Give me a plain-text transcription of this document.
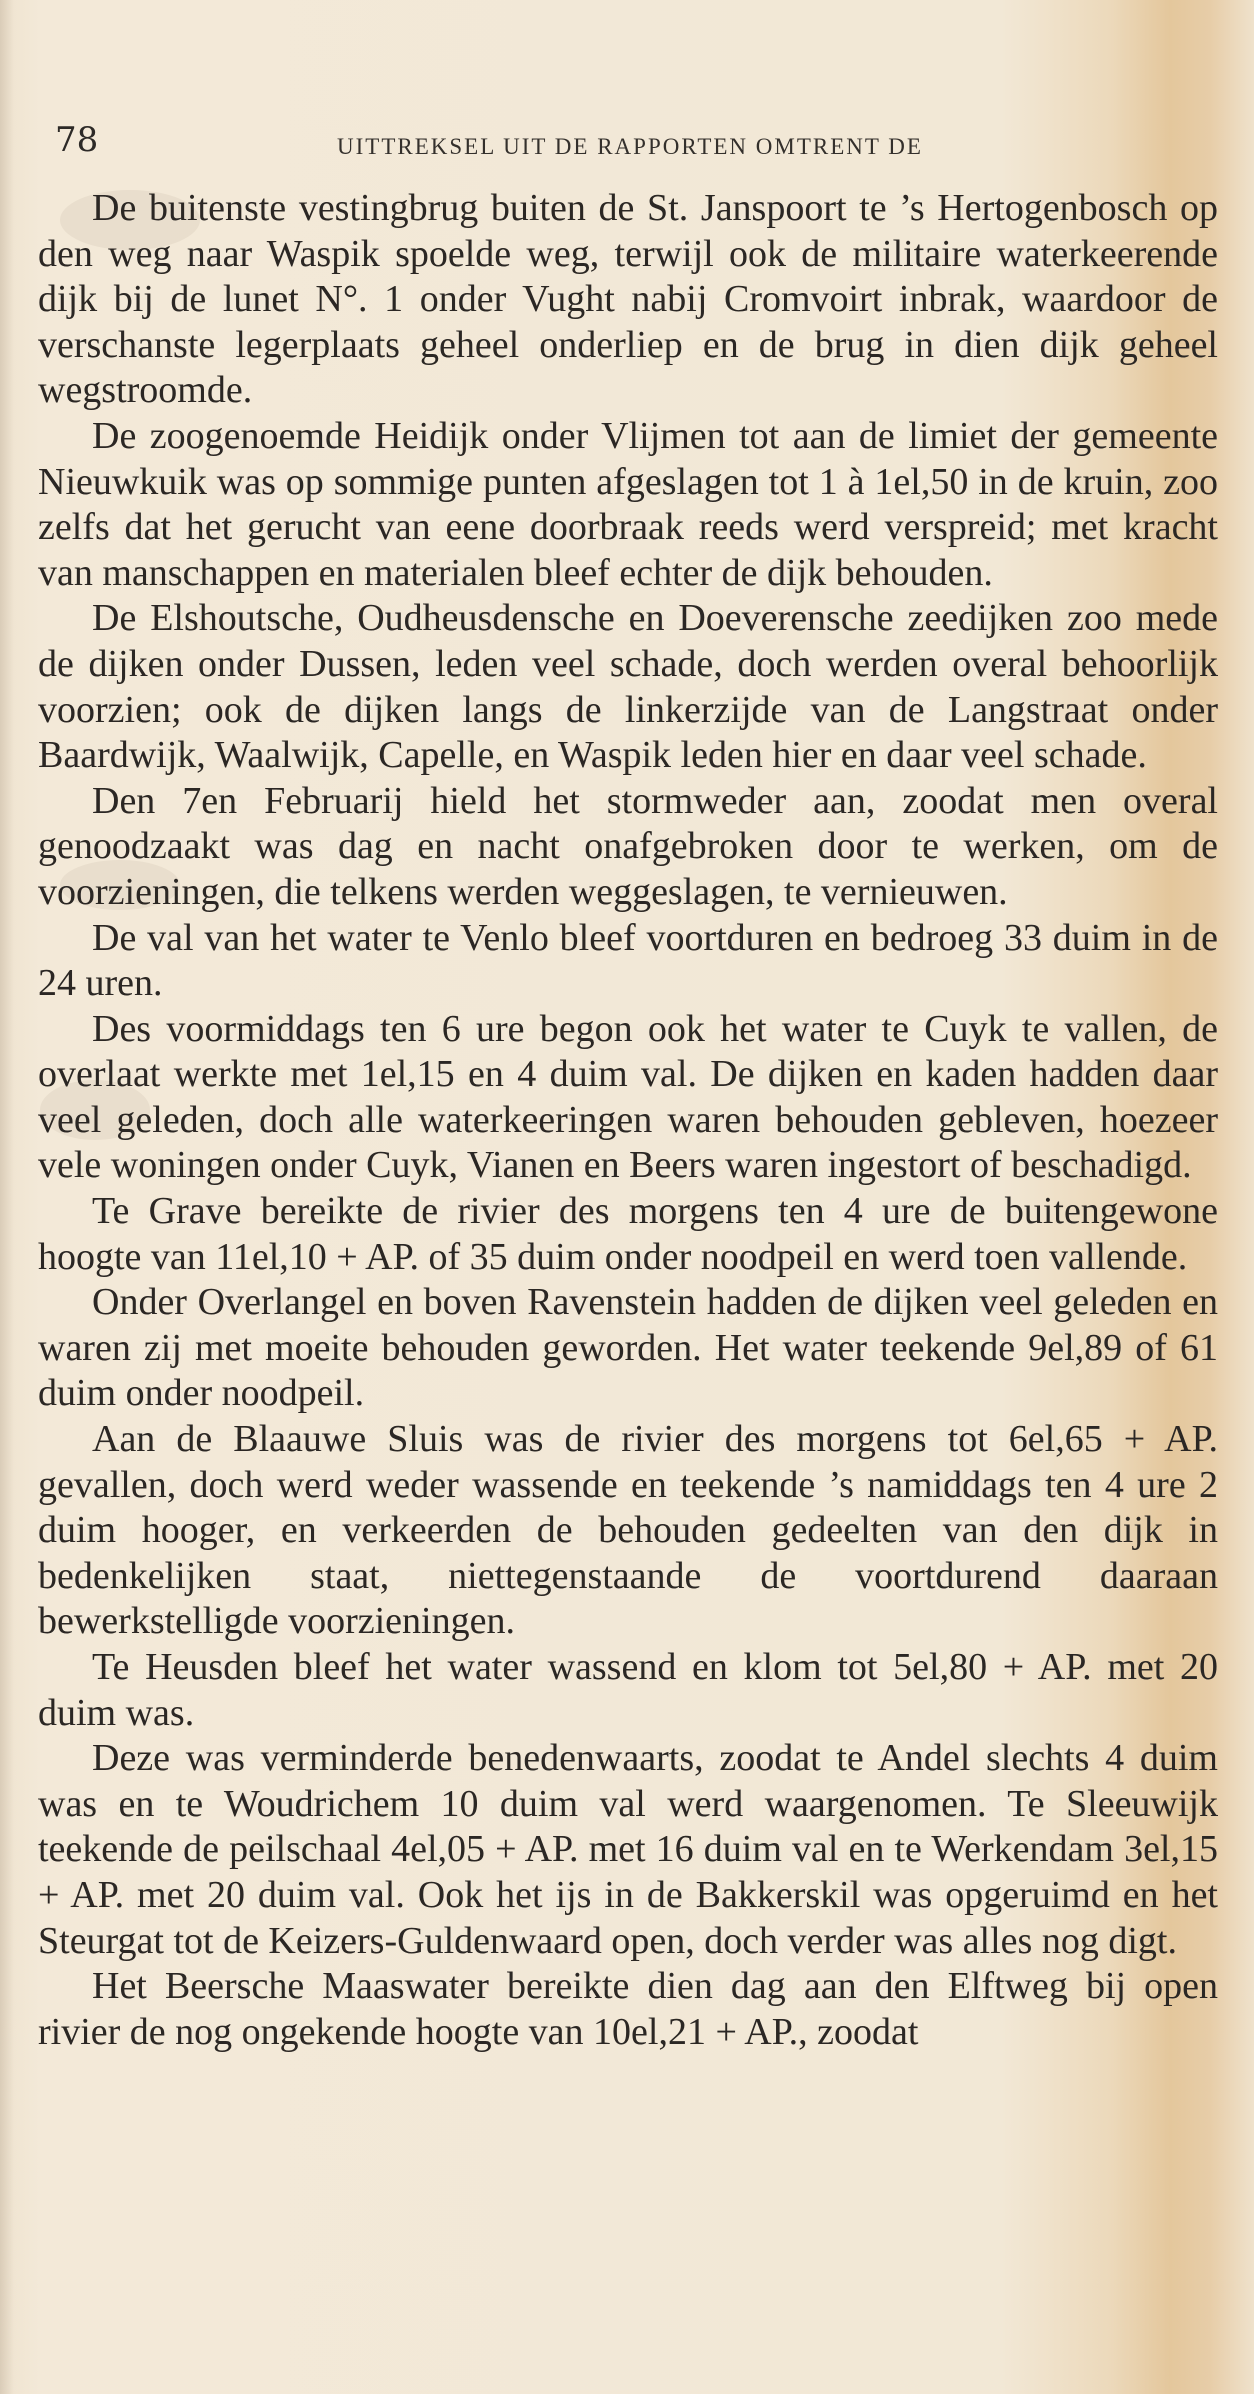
78	UITTREKSEL UIT DE RAPPORTEN OMTRENT DE

De buitenste vestingbrug buiten de St. Janspoort te ’s Hertogenbosch op den weg naar Waspik spoelde weg, terwijl ook de militaire waterkeerende dijk bij de lunet N°. 1 onder Vught nabij Cromvoirt inbrak, waardoor de verschanste legerplaats geheel onderliep en de brug in dien dijk geheel wegstroomde.

De zoogenoemde Heidijk onder Vlijmen tot aan de limiet der gemeente Nieuwkuik was op sommige punten afgeslagen tot 1 à 1el,50 in de kruin, zoo zelfs dat het gerucht van eene doorbraak reeds werd verspreid; met kracht van manschappen en materialen bleef echter de dijk behouden.

De Elshoutsche, Oudheusdensche en Doeverensche zeedijken zoo mede de dijken onder Dussen, leden veel schade, doch werden overal behoorlijk voorzien; ook de dijken langs de linkerzijde van de Langstraat onder Baardwijk, Waalwijk, Capelle, en Waspik leden hier en daar veel schade.

Den 7en Februarij hield het stormweder aan, zoodat men overal genoodzaakt was dag en nacht onafgebroken door te werken, om de voorzieningen, die telkens werden weggeslagen, te vernieuwen.

De val van het water te Venlo bleef voortduren en bedroeg 33 duim in de 24 uren.

Des voormiddags ten 6 ure begon ook het water te Cuyk te vallen, de overlaat werkte met 1el,15 en 4 duim val. De dijken en kaden hadden daar veel geleden, doch alle waterkeeringen waren behouden gebleven, hoezeer vele woningen onder Cuyk, Vianen en Beers waren ingestort of beschadigd.

Te Grave bereikte de rivier des morgens ten 4 ure de buitengewone hoogte van 11el,10 + AP. of 35 duim onder noodpeil en werd toen vallende.

Onder Overlangel en boven Ravenstein hadden de dijken veel geleden en waren zij met moeite behouden geworden. Het water teekende 9el,89 of 61 duim onder noodpeil.

Aan de Blaauwe Sluis was de rivier des morgens tot 6el,65 + AP. gevallen, doch werd weder wassende en teekende ’s namiddags ten 4 ure 2 duim hooger, en verkeerden de behouden gedeelten van den dijk in bedenkelijken staat, niettegenstaande de voortdurend daaraan bewerkstelligde voorzieningen.

Te Heusden bleef het water wassend en klom tot 5el,80 + AP. met 20 duim was.

Deze was verminderde benedenwaarts, zoodat te Andel slechts 4 duim was en te Woudrichem 10 duim val werd waargenomen. Te Sleeuwijk teekende de peilschaal 4el,05 + AP. met 16 duim val en te Werkendam 3el,15 + AP. met 20 duim val. Ook het ijs in de Bakkerskil was opgeruimd en het Steurgat tot de Keizers-Guldenwaard open, doch verder was alles nog digt.

Het Beersche Maaswater bereikte dien dag aan den Elftweg bij open rivier de nog ongekende hoogte van 10el,21 + AP., zoodat
